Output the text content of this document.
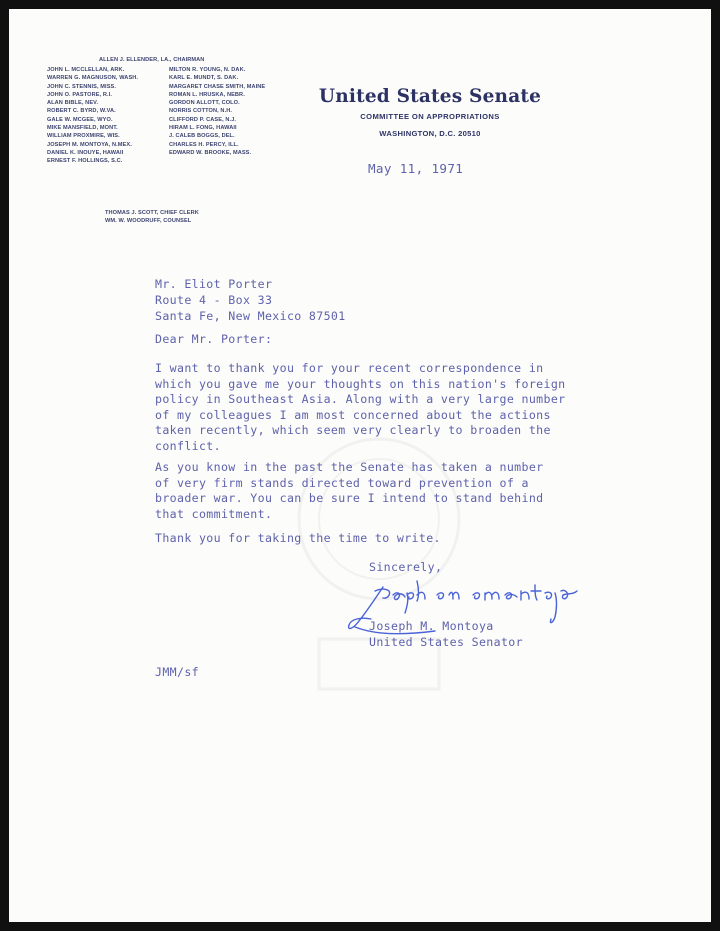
ALLEN J. ELLENDER, LA., CHAIRMAN
JOHN L. MCCLELLAN, ARK.
WARREN G. MAGNUSON, WASH.
JOHN C. STENNIS, MISS.
JOHN O. PASTORE, R.I.
ALAN BIBLE, NEV.
ROBERT C. BYRD, W.VA.
GALE W. MCGEE, WYO.
MIKE MANSFIELD, MONT.
WILLIAM PROXMIRE, WIS.
JOSEPH M. MONTOYA, N.MEX.
DANIEL K. INOUYE, HAWAII
ERNEST F. HOLLINGS, S.C.
MILTON R. YOUNG, N. DAK.
KARL E. MUNDT, S. DAK.
MARGARET CHASE SMITH, MAINE
ROMAN L. HRUSKA, NEBR.
GORDON ALLOTT, COLO.
NORRIS COTTON, N.H.
CLIFFORD P. CASE, N.J.
HIRAM L. FONG, HAWAII
J. CALEB BOGGS, DEL.
CHARLES H. PERCY, ILL.
EDWARD W. BROOKE, MASS.
THOMAS J. SCOTT, CHIEF CLERK
WM. W. WOODRUFF, COUNSEL
United States Senate
COMMITTEE ON APPROPRIATIONS
WASHINGTON, D.C. 20510
May 11, 1971
Mr. Eliot Porter
Route 4 - Box 33
Santa Fe, New Mexico 87501
Dear Mr. Porter:
I want to thank you for your recent correspondence in
which you gave me your thoughts on this nation's foreign
policy in Southeast Asia. Along with a very large number
of my colleagues I am most concerned about the actions
taken recently, which seem very clearly to broaden the
conflict.
As you know in the past the Senate has taken a number
of very firm stands directed toward prevention of a
broader war. You can be sure I intend to stand behind
that commitment.
Thank you for taking the time to write.
Sincerely,
Joseph M. Montoya
United States Senator
JMM/sf
